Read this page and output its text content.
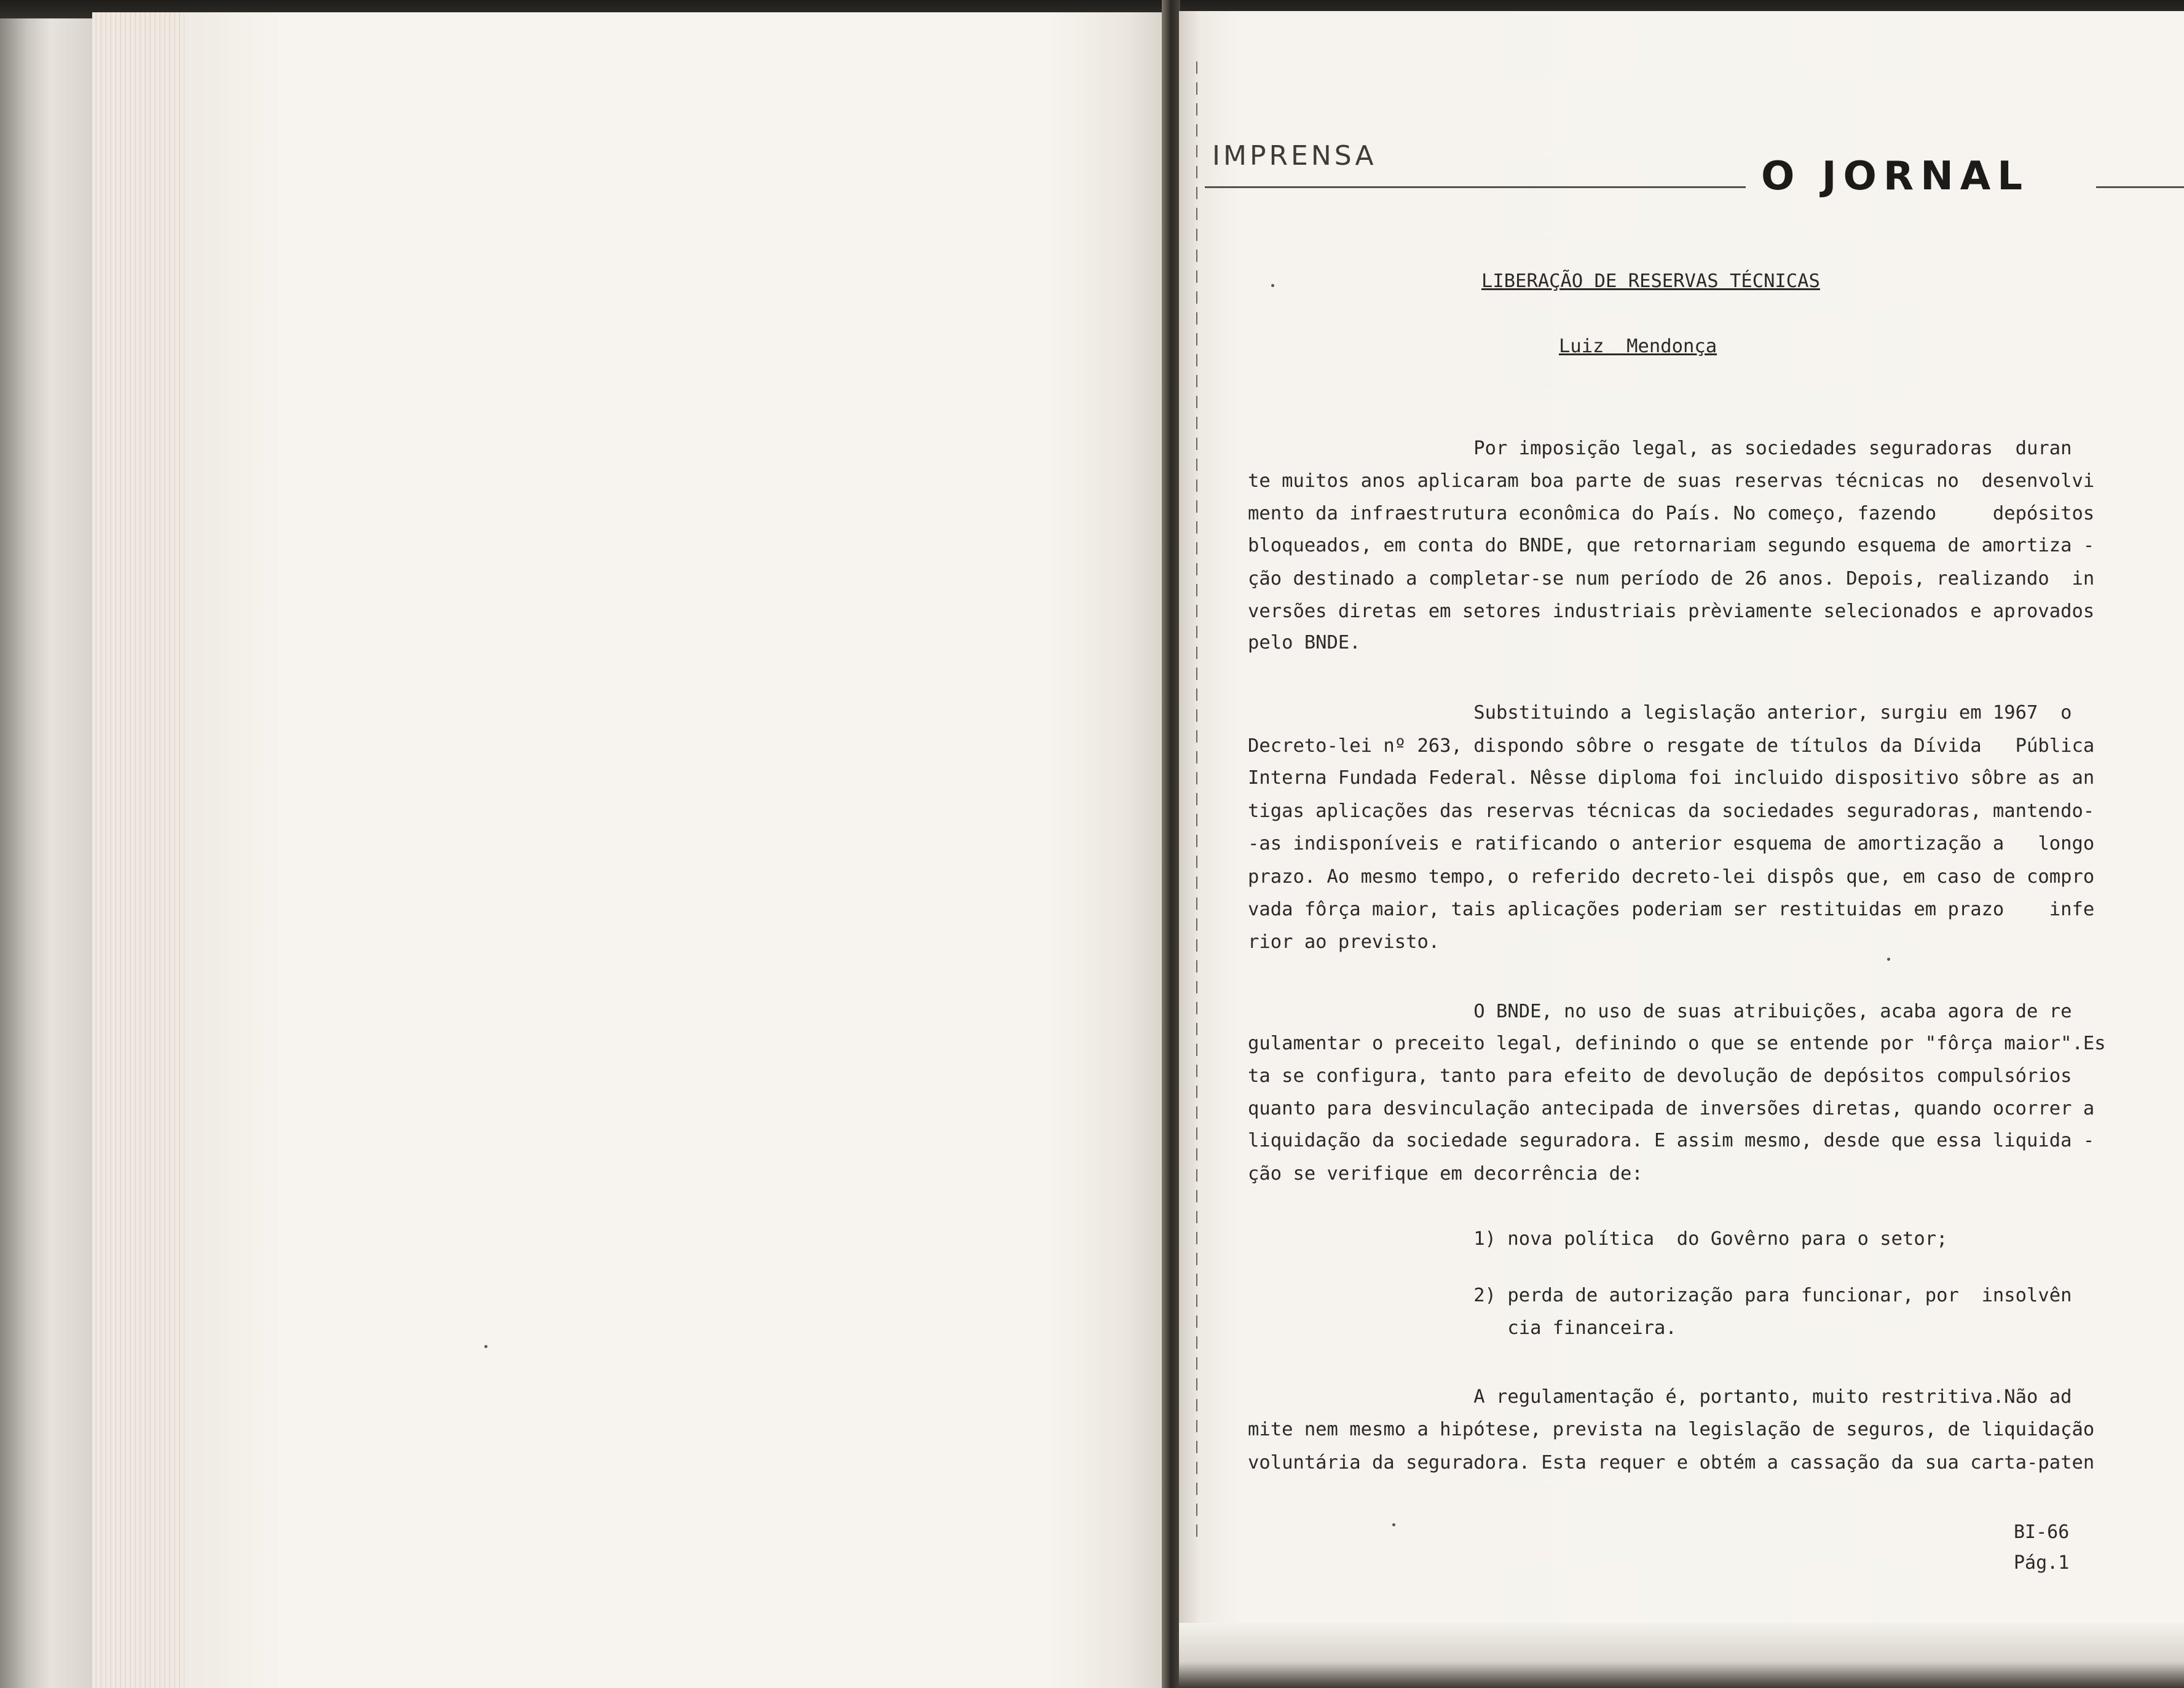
IMPRENSA	O JORNAL
LIBERAÇÃO DE RESERVAS TÉCNICAS
Luiz  Mendonça
Por imposição legal, as sociedades seguradoras  duran
te muitos anos aplicaram boa parte de suas reservas técnicas no  desenvolvi
mento da infraestrutura econômica do País. No começo, fazendo     depósitos
bloqueados, em conta do BNDE, que retornariam segundo esquema de amortiza -
ção destinado a completar-se num período de 26 anos. Depois, realizando  in
versões diretas em setores industriais prèviamente selecionados e aprovados
pelo BNDE.
Substituindo a legislação anterior, surgiu em 1967  o
Decreto-lei nº 263, dispondo sôbre o resgate de títulos da Dívida   Pública
Interna Fundada Federal. Nêsse diploma foi incluido dispositivo sôbre as an
tigas aplicações das reservas técnicas da sociedades seguradoras, mantendo-
-as indisponíveis e ratificando o anterior esquema de amortização a   longo
prazo. Ao mesmo tempo, o referido decreto-lei dispôs que, em caso de compro
vada fôrça maior, tais aplicações poderiam ser restituidas em prazo    infe
rior ao previsto.
O BNDE, no uso de suas atribuições, acaba agora de re
gulamentar o preceito legal, definindo o que se entende por "fôrça maior".Es
ta se configura, tanto para efeito de devolução de depósitos compulsórios
quanto para desvinculação antecipada de inversões diretas, quando ocorrer a
liquidação da sociedade seguradora. E assim mesmo, desde que essa liquida -
ção se verifique em decorrência de:
1) nova política  do Govêrno para o setor;
2) perda de autorização para funcionar, por  insolvên
cia financeira.
A regulamentação é, portanto, muito restritiva.Não ad
mite nem mesmo a hipótese, prevista na legislação de seguros, de liquidação
voluntária da seguradora. Esta requer e obtém a cassação da sua carta-paten
BI-66
Pág.1
